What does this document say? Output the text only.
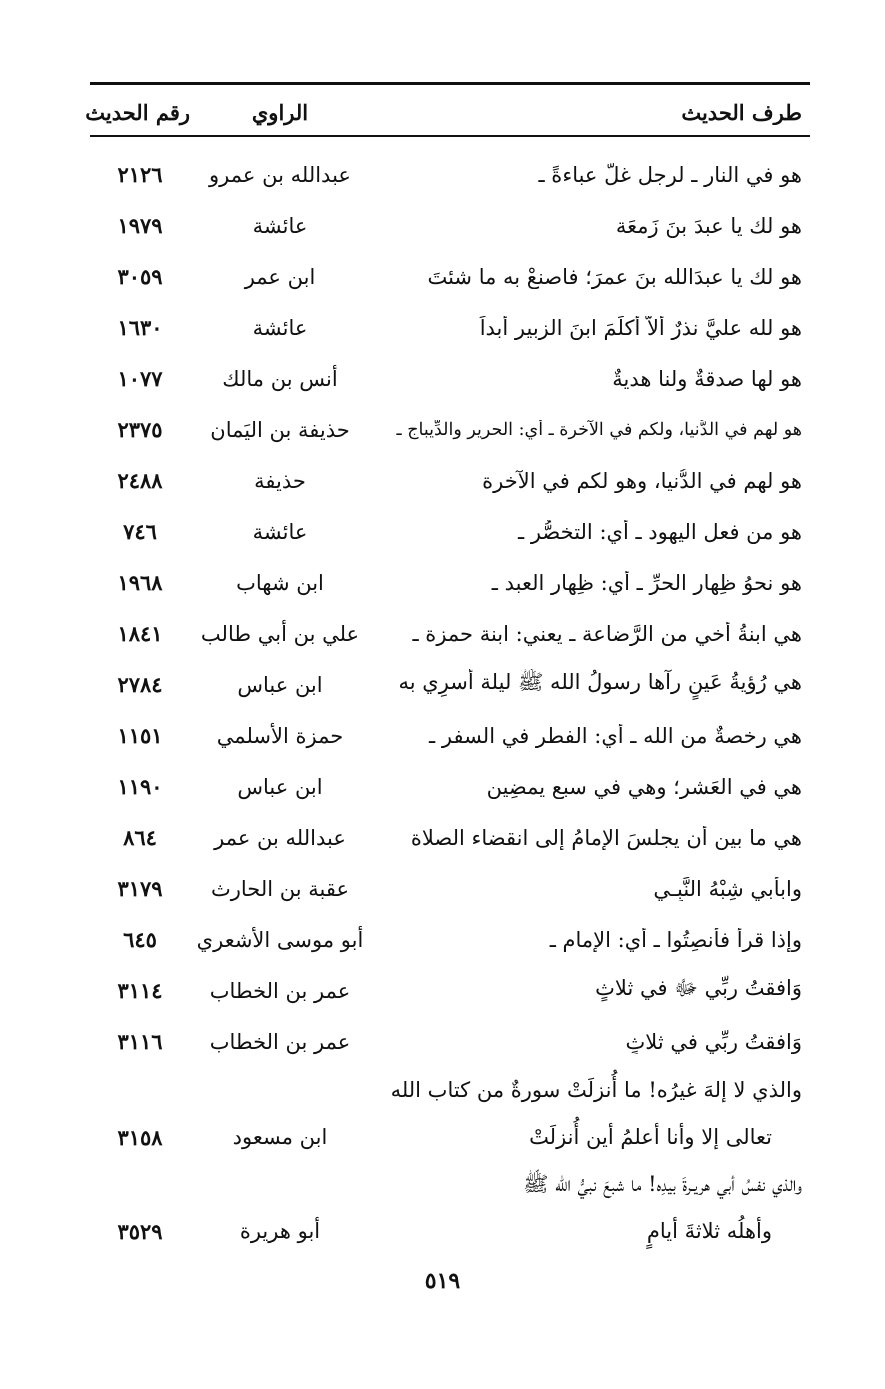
طرف الحديث
الراوي
رقم الحديث
هو في النار ـ لرجل غلَّ عباءةً ـ
عبدالله بن عمرو
٢١٢٦
هو لك يا عبدَ بنَ زَمعَة
عائشة
١٩٧٩
هو لك يا عبدَالله بنَ عمرَ؛ فاصنعْ به ما شئتَ
ابن عمر
٣٠٥٩
هو لله عليَّ نذرٌ ألاَّ أُكلِّمَ ابنَ الزبير أبداً
عائشة
١٦٣٠
هو لها صدقةٌ ولنا هديةٌ
أنس بن مالك
١٠٧٧
هو لهم في الدُّنيا، ولكم في الآخرة ـ أي: الحرير والدِّيباج ـ
حذيفة بن اليَمان
٢٣٧٥
هو لهم في الدُّنيا، وهو لكم في الآخرة
حذيفة
٢٤٨٨
هو من فعل اليهود ـ أي: التخصُّر ـ
عائشة
٧٤٦
هو نحوُ ظِهار الحرِّ ـ أي: ظِهار العبد ـ
ابن شهاب
١٩٦٨
هي ابنةُ أخي من الرَّضاعة ـ يعني: ابنة حمزة ـ
علي بن أبي طالب
١٨٤١
هي رُؤيةُ عَينٍ رآها رسولُ الله ﷺ ليلة أُسرِي به
ابن عباس
٢٧٨٤
هي رخصةٌ من الله ـ أي: الفطر في السفر ـ
حمزة الأسلمي
١١٥١
هي في العَشر؛ وهي في سبعٍ يمضِين
ابن عباس
١١٩٠
هي ما بين أن يجلسَ الإمامُ إلى انقضاء الصلاة
عبدالله بن عمر
٨٦٤
وابأبي شِبْهُ النَّبِـي
عقبة بن الحارث
٣١٧٩
وإذا قرأ فأنصِتُوا ـ أي: الإمام ـ
أبو موسى الأشعري
٦٤٥
وَافقتُ ربِّي ﷻ في ثلاثٍ
عمر بن الخطاب
٣١١٤
وَافقتُ ربِّي في ثلاثٍ
عمر بن الخطاب
٣١١٦
والذي لا إلهَ غيرُه! ما أُنزلَتْ سورةٌ من كتاب الله
تعالى إلا وأنا أعلمُ أين أُنزلَتْ
ابن مسعود
٣١٥٨
والذي نفسُ أبي هريـرةَ بيدِه! ما شبعَ نبيُّ الله ﷺ
وأهلُه ثلاثةَ أيامٍ
أبو هريرة
٣٥٢٩
٥١٩
